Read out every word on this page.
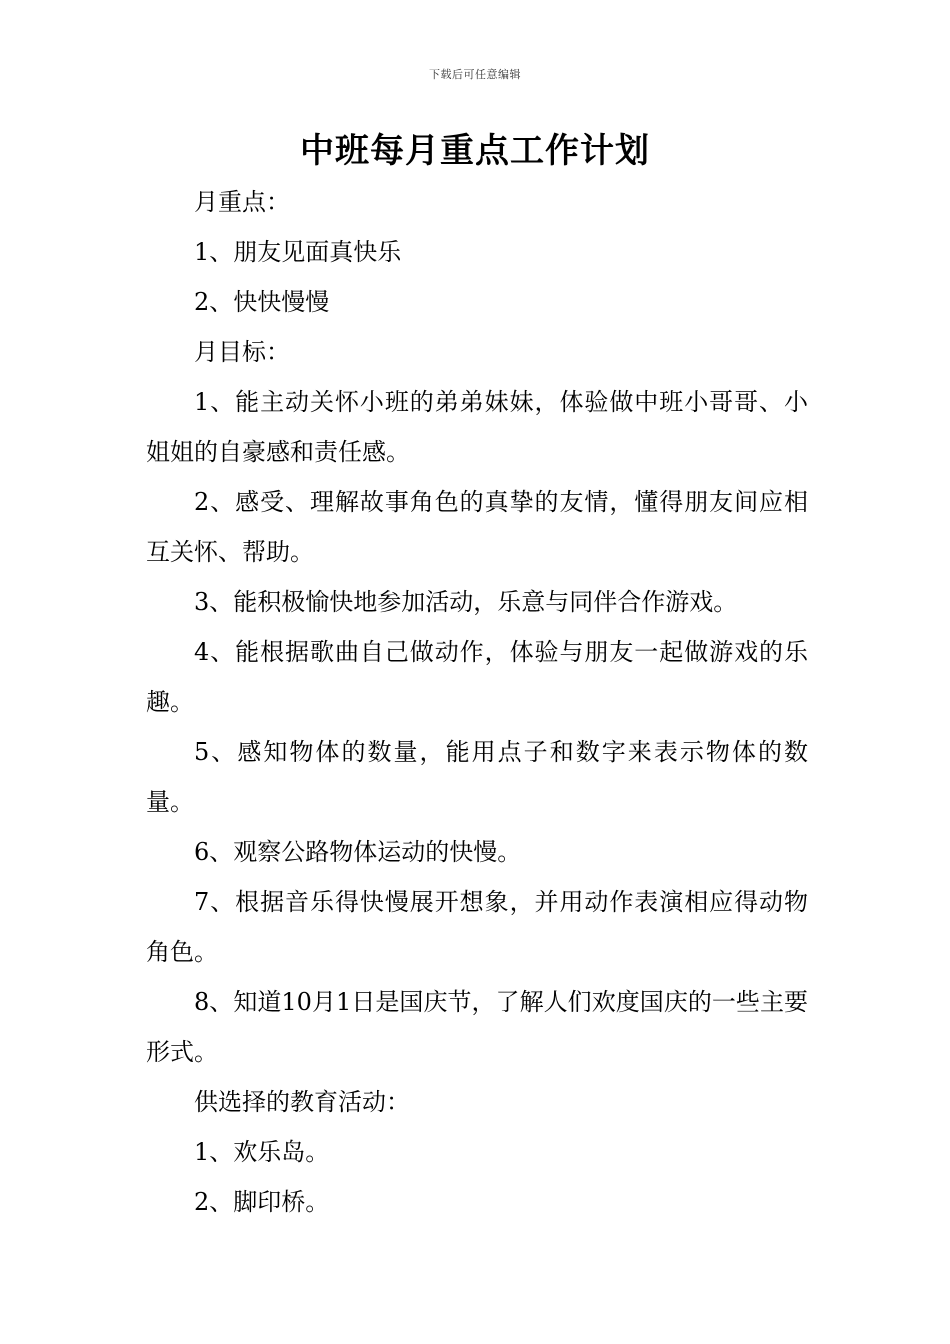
下载后可任意编辑
中班每月重点工作计划

月重点：

1、朋友见面真快乐

2、快快慢慢

月目标：

1、能主动关怀小班的弟弟妹妹，体验做中班小哥哥、小姐姐的自豪感和责任感。

2、感受、理解故事角色的真挚的友情，懂得朋友间应相互关怀、帮助。

3、能积极愉快地参加活动，乐意与同伴合作游戏。

4、能根据歌曲自己做动作，体验与朋友一起做游戏的乐趣。

5、感知物体的数量，能用点子和数字来表示物体的数量。

6、观察公路物体运动的快慢。

7、根据音乐得快慢展开想象，并用动作表演相应得动物角色。

8、知道10月1日是国庆节，了解人们欢度国庆的一些主要形式。

供选择的教育活动：

1、欢乐岛。

2、脚印桥。
